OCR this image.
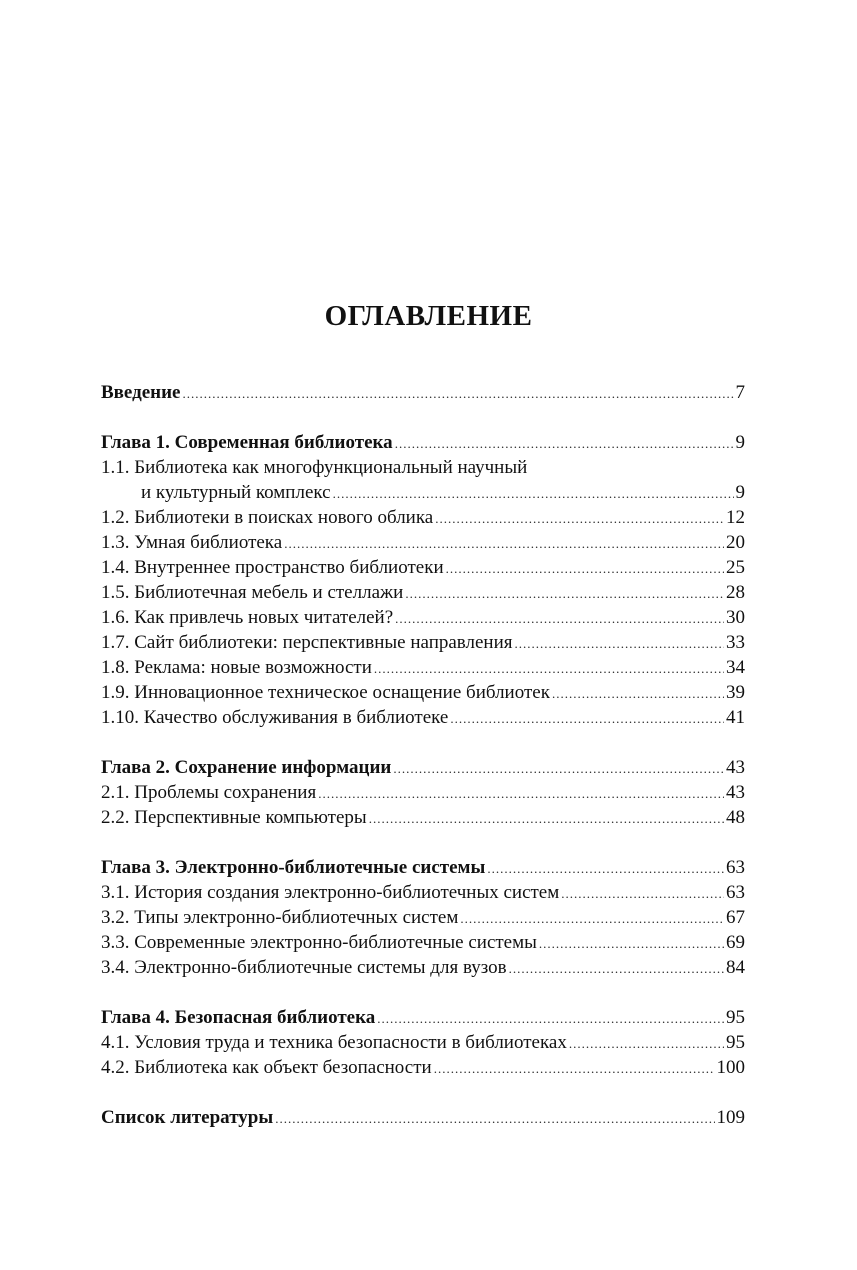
ОГЛАВЛЕНИЕ
Введение .....	7
Глава 1. Современная библиотека .....	9
1.1. Библиотека как многофункциональный научный
и культурный комплекс .....	9
1.2. Библиотеки в поисках нового облика .....	12
1.3. Умная библиотека .....	20
1.4. Внутреннее пространство библиотеки .....	25
1.5. Библиотечная мебель и стеллажи .....	28
1.6. Как привлечь новых читателей? .....	30
1.7. Сайт библиотеки: перспективные направления .....	33
1.8. Реклама: новые возможности .....	34
1.9. Инновационное техническое оснащение библиотек .....	39
1.10. Качество обслуживания в библиотеке .....	41
Глава 2. Сохранение информации .....	43
2.1. Проблемы сохранения .....	43
2.2. Перспективные компьютеры .....	48
Глава 3. Электронно-библиотечные системы .....	63
3.1. История создания электронно-библиотечных систем .....	63
3.2. Типы электронно-библиотечных систем .....	67
3.3. Современные электронно-библиотечные системы .....	69
3.4. Электронно-библиотечные системы для вузов .....	84
Глава 4. Безопасная библиотека .....	95
4.1. Условия труда и техника безопасности в библиотеках .....	95
4.2. Библиотека как объект безопасности .....	100
Список литературы .....	109
